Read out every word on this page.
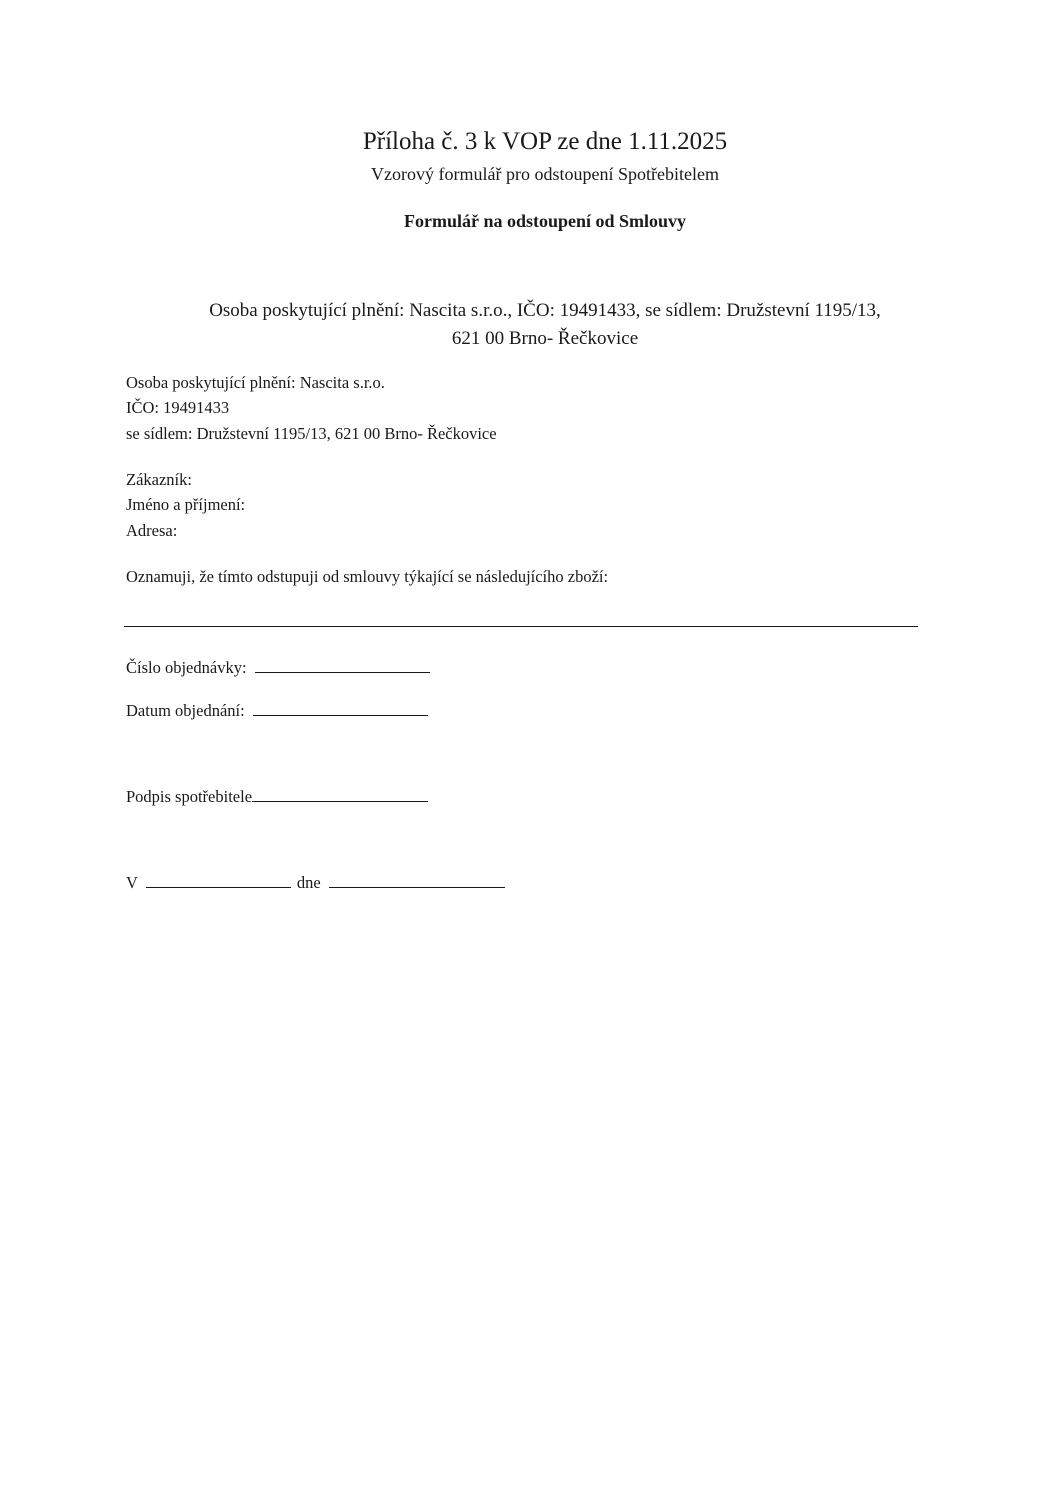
Příloha č. 3 k VOP ze dne 1.11.2025
Vzorový formulář pro odstoupení Spotřebitelem
Formulář na odstoupení od Smlouvy
Osoba poskytující plnění: Nascita s.r.o., IČO: 19491433, se sídlem: Družstevní 1195/13,
621 00 Brno- Řečkovice
Osoba poskytující plnění: Nascita s.r.o.
IČO: 19491433
se sídlem: Družstevní 1195/13, 621 00 Brno- Řečkovice
Zákazník:
Jméno a příjmení:
Adresa:
Oznamuji, že tímto odstupuji od smlouvy týkající se následujícího zboží:
Číslo objednávky:
Datum objednání:
Podpis spotřebitele
V	dne
